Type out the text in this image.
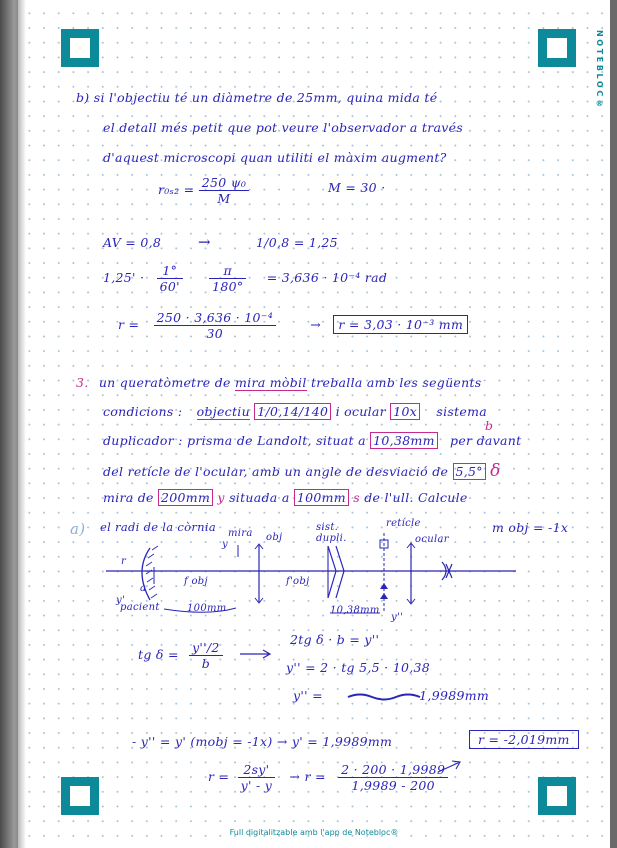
NOTEBLOC®
Full digitalitzable amb l'app de Notebloc®
b) si l'objectiu té un diàmetre de 25mm, quina mida té
el detall més petit que pot veure l'observador a través
d'aquest microscopi quan utiliti el màxim augment?
$r_{0s2} = \frac{\text{250 ψ₀}}{M}$	M = 30 ·
AV = 0,8 →	1/0,8 = 1,25
$1,25' \cdot \frac{1^\circ}{60'}$
$\frac{\pi}{180^\circ} = 3,636 \cdot 10^{-4}$ rad
$r = \frac{\text{250 · 3,636 · 10⁻⁴}}{30}$	→ r = 3,03 · 10⁻³ mm
3. un queratòmetre de mira mòbil treballa amb les següents
condicions : objectiu 1/0,14/140 i ocular 10x sistema
b
duplicador : prisma de Landolt, situat a 10,38mm per davant
del retícle de l'ocular, amb un angle de desviació de 5,5° δ
mira de 200mm y situada a 100mm s de l'ull. Calcule
a) el radi de la còrnia	m obj = -1x
r
a
y'
mira
y
obj
f obj	f'obj
sist.
dupli.
retícle
ocular
pacient	100mm	10,38mm
y''
tg $\delta = \frac{y''/2}{b}$
2tg δ · b = y''
y'' = 2 · tg 5,5 · 10,38
y'' =	1,9989mm
- y'' = y' (mobj = -1x) → y' = 1,9989mm	r = -2,019mm
$r = \frac{2sy'}{y' - y} \to r = \frac{2 \cdot 200 \cdot 1,9989}{1,9989 - 200}$
